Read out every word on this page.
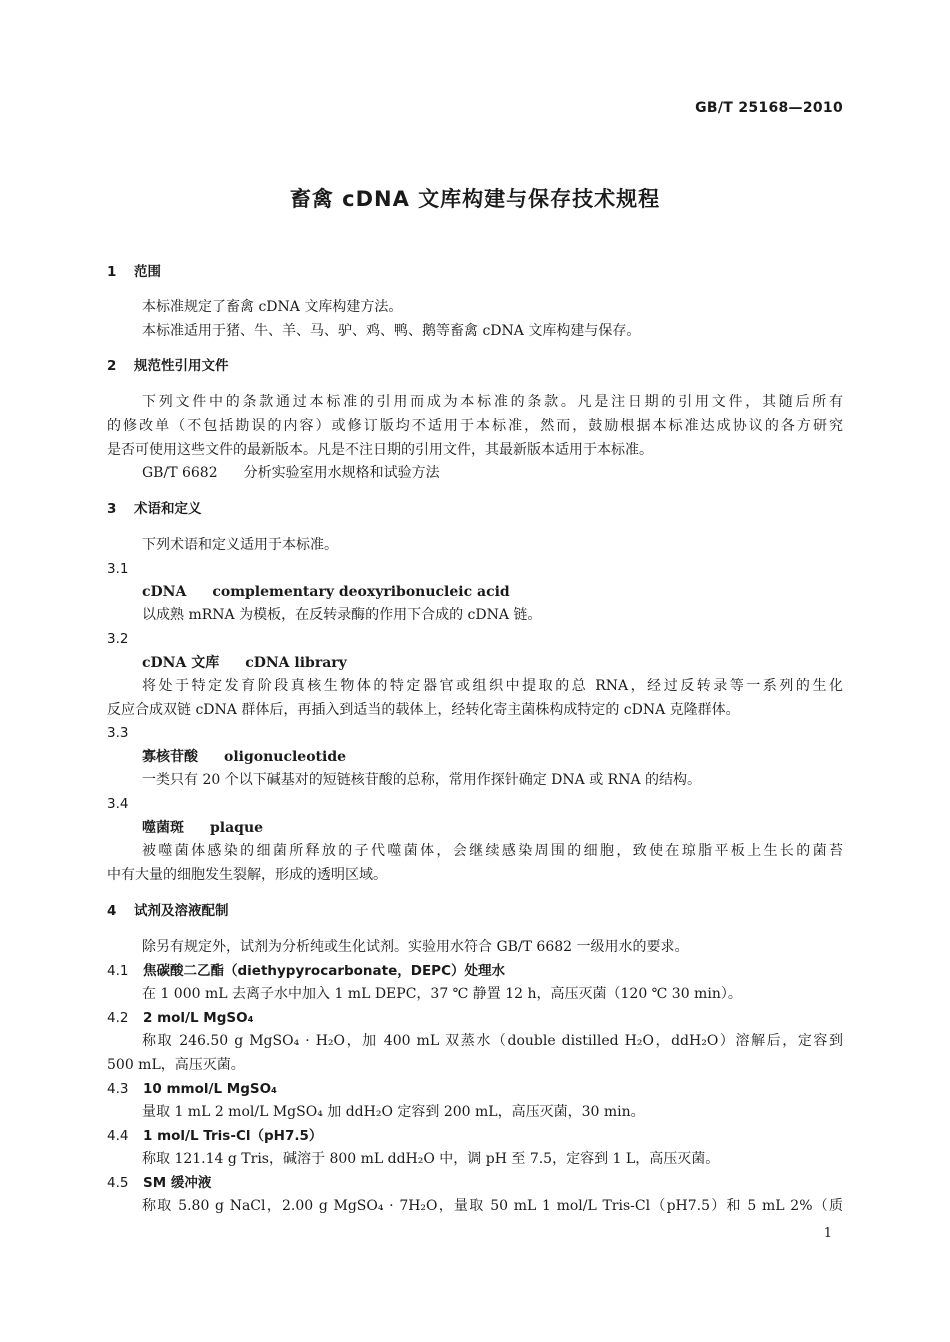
GB/T 25168—2010
畜禽 cDNA 文库构建与保存技术规程
1 范围
本标准规定了畜禽 cDNA 文库构建方法。
本标准适用于猪、牛、羊、马、驴、鸡、鸭、鹅等畜禽 cDNA 文库构建与保存。
2 规范性引用文件
下列文件中的条款通过本标准的引用而成为本标准的条款。凡是注日期的引用文件，其随后所有
的修改单（不包括勘误的内容）或修订版均不适用于本标准，然而，鼓励根据本标准达成协议的各方研究
是否可使用这些文件的最新版本。凡是不注日期的引用文件，其最新版本适用于本标准。
GB/T 6682 分析实验室用水规格和试验方法
3 术语和定义
下列术语和定义适用于本标准。
3.1
cDNA complementary deoxyribonucleic acid
以成熟 mRNA 为模板，在反转录酶的作用下合成的 cDNA 链。
3.2
cDNA 文库 cDNA library
将处于特定发育阶段真核生物体的特定器官或组织中提取的总 RNA，经过反转录等一系列的生化
反应合成双链 cDNA 群体后，再插入到适当的载体上，经转化寄主菌株构成特定的 cDNA 克隆群体。
3.3
寡核苷酸 oligonucleotide
一类只有 20 个以下碱基对的短链核苷酸的总称，常用作探针确定 DNA 或 RNA 的结构。
3.4
噬菌斑 plaque
被噬菌体感染的细菌所释放的子代噬菌体，会继续感染周围的细胞，致使在琼脂平板上生长的菌苔
中有大量的细胞发生裂解，形成的透明区域。
4 试剂及溶液配制
除另有规定外，试剂为分析纯或生化试剂。实验用水符合 GB/T 6682 一级用水的要求。
4.1 焦碳酸二乙酯（diethypyrocarbonate，DEPC）处理水
在 1 000 mL 去离子水中加入 1 mL DEPC，37 ℃ 静置 12 h，高压灭菌（120 ℃ 30 min）。
4.2 2 mol/L MgSO₄
称取 246.50 g MgSO₄ · H₂O，加 400 mL 双蒸水（double distilled H₂O，ddH₂O）溶解后，定容到
500 mL，高压灭菌。
4.3 10 mmol/L MgSO₄
量取 1 mL 2 mol/L MgSO₄ 加 ddH₂O 定容到 200 mL，高压灭菌，30 min。
4.4 1 mol/L Tris-Cl（pH7.5）
称取 121.14 g Tris，碱溶于 800 mL ddH₂O 中，调 pH 至 7.5，定容到 1 L，高压灭菌。
4.5 SM 缓冲液
称取 5.80 g NaCl，2.00 g MgSO₄ · 7H₂O，量取 50 mL 1 mol/L Tris-Cl（pH7.5）和 5 mL 2%（质
1
